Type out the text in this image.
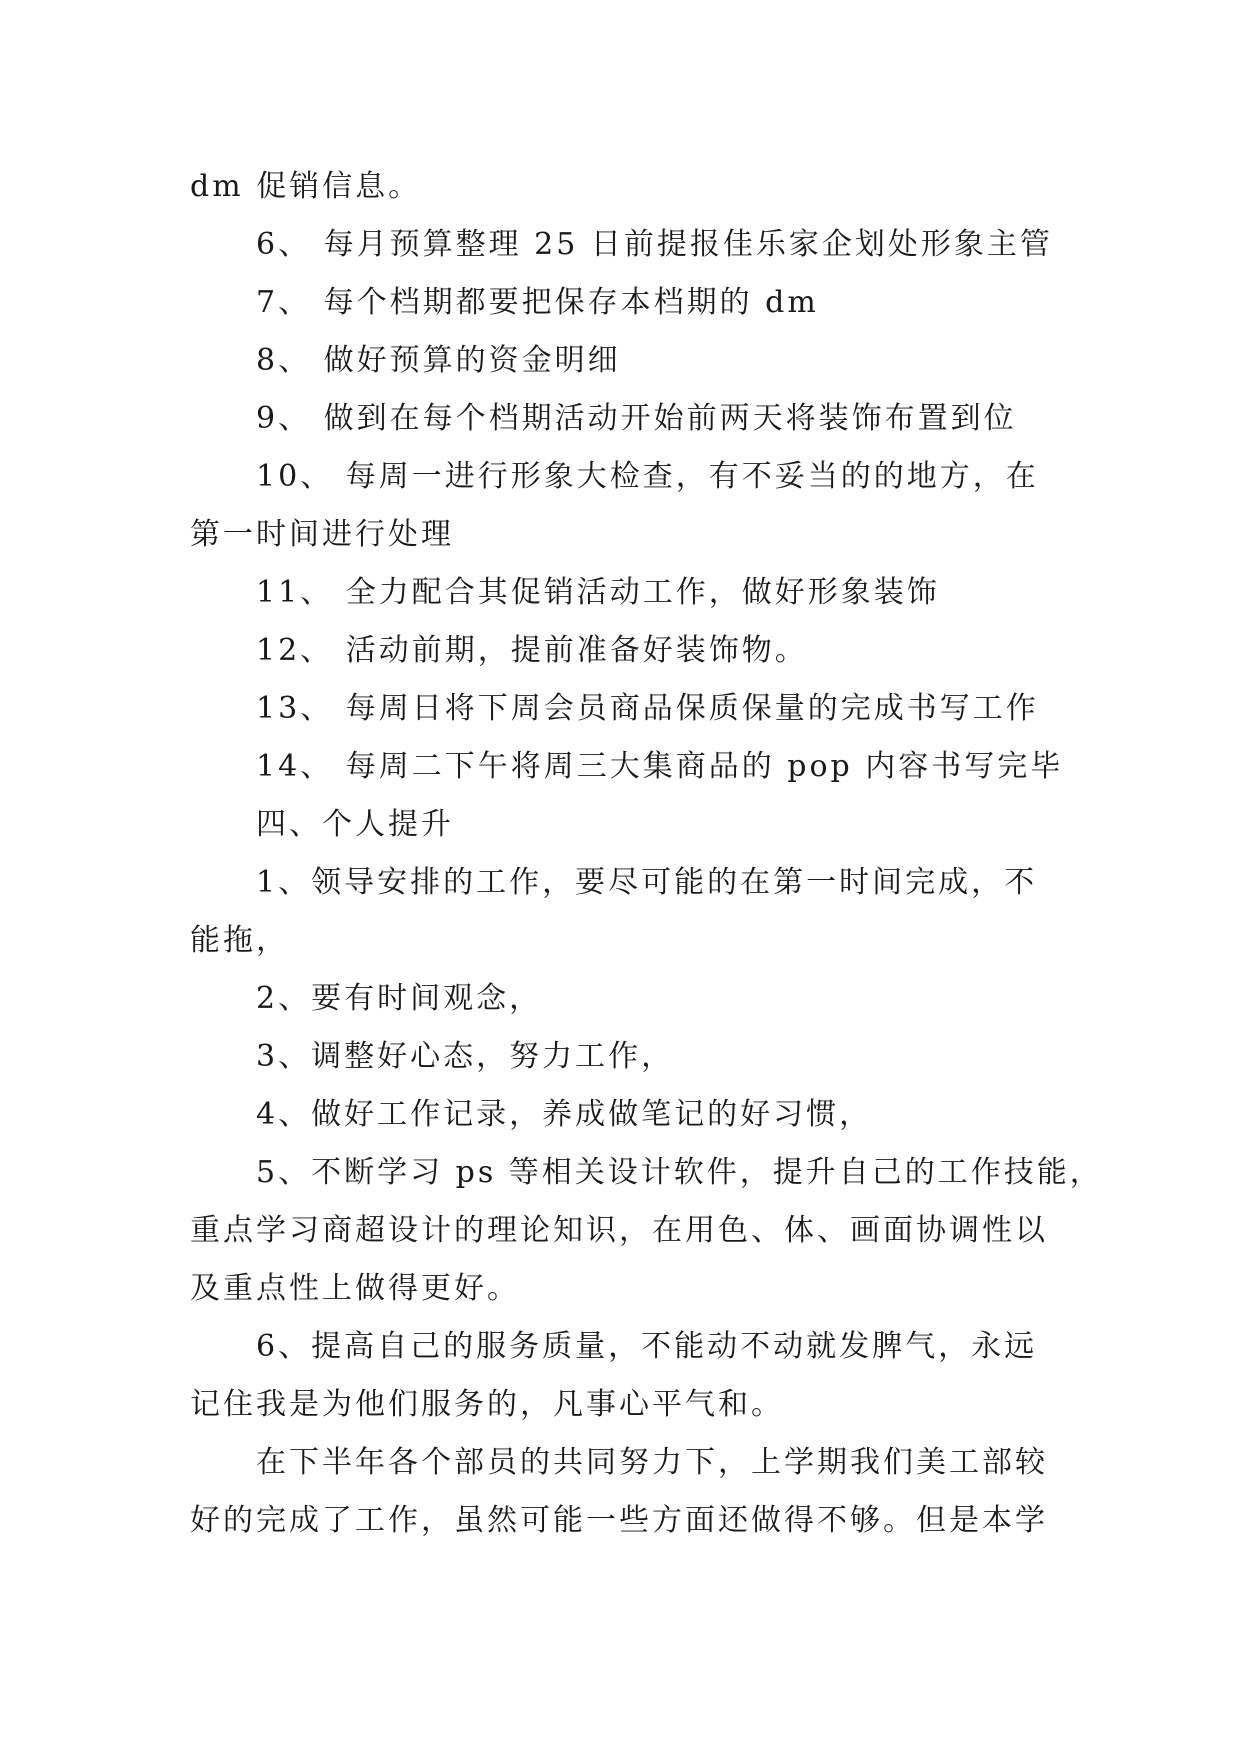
dm 促销信息。
6、 每月预算整理 25 日前提报佳乐家企划处形象主管
7、 每个档期都要把保存本档期的 dm
8、 做好预算的资金明细
9、 做到在每个档期活动开始前两天将装饰布置到位
10、 每周一进行形象大检查，有不妥当的的地方，在
第一时间进行处理
11、 全力配合其促销活动工作，做好形象装饰
12、 活动前期，提前准备好装饰物。
13、 每周日将下周会员商品保质保量的完成书写工作
14、 每周二下午将周三大集商品的 pop 内容书写完毕
四、个人提升
1、领导安排的工作，要尽可能的在第一时间完成，不
能拖，
2、要有时间观念，
3、调整好心态，努力工作，
4、做好工作记录，养成做笔记的好习惯，
5、不断学习 ps 等相关设计软件，提升自己的工作技能，
重点学习商超设计的理论知识，在用色、体、画面协调性以
及重点性上做得更好。
6、提高自己的服务质量，不能动不动就发脾气，永远
记住我是为他们服务的，凡事心平气和。
在下半年各个部员的共同努力下，上学期我们美工部较
好的完成了工作，虽然可能一些方面还做得不够。但是本学
